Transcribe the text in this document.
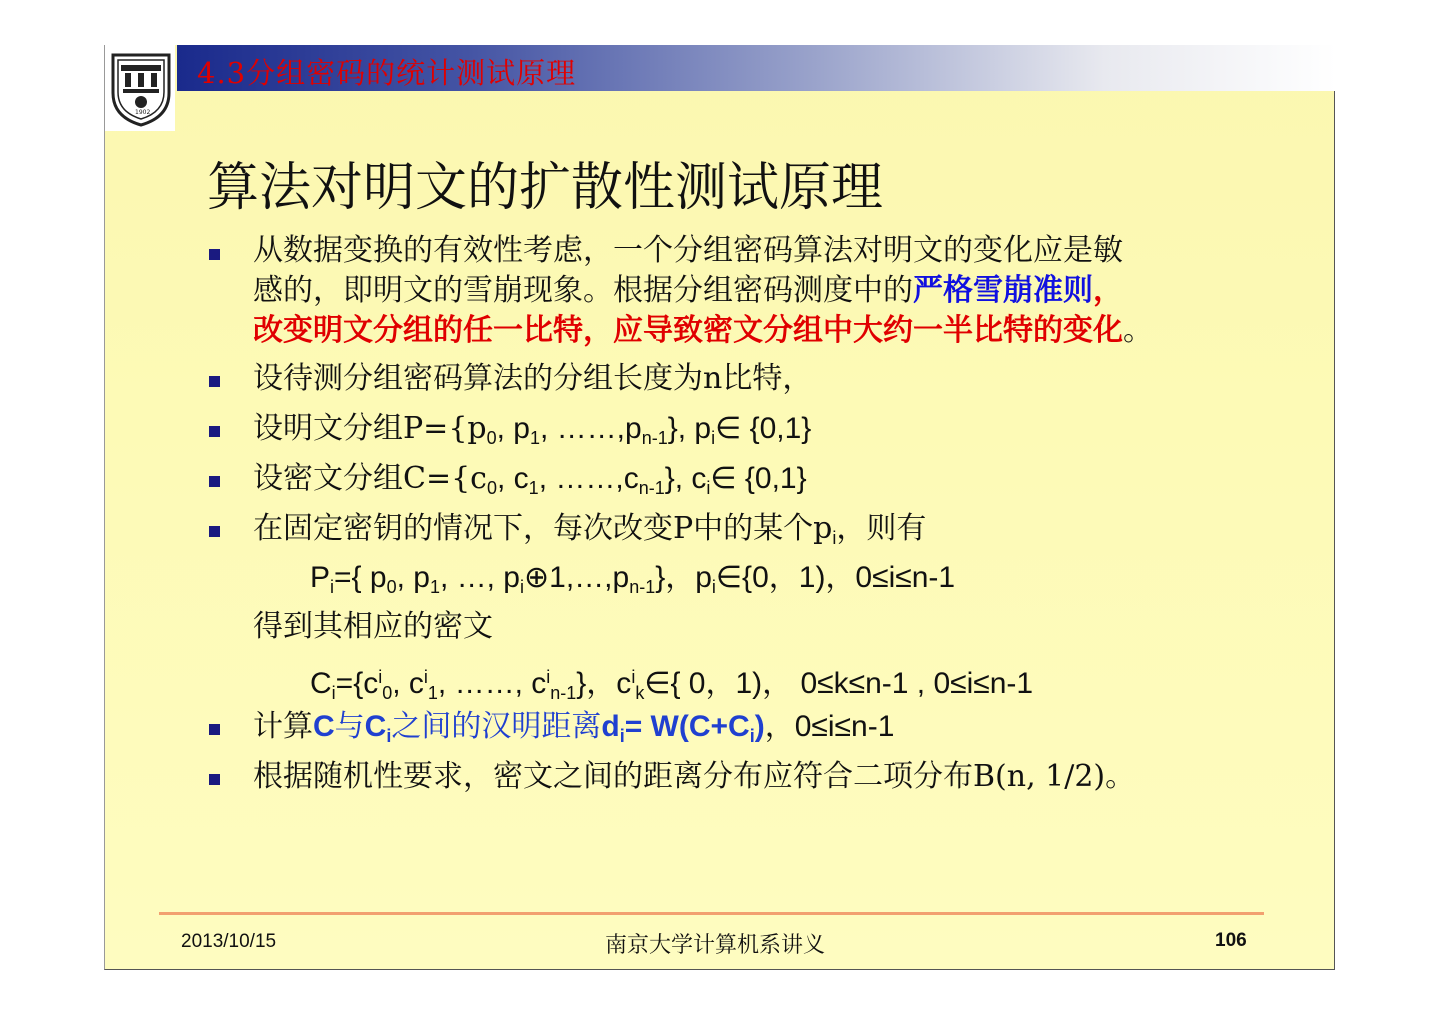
1902
4.3分组密码的统计测试原理
算法对明文的扩散性测试原理
从数据变换的有效性考虑，一个分组密码算法对明文的变化应是敏
感的，即明文的雪崩现象。根据分组密码测度中的严格雪崩准则，
改变明文分组的任一比特，应导致密文分组中大约一半比特的变化。
设待测分组密码算法的分组长度为n比特，
设明文分组$P=\{p_0$, $p_1$, $\dots\dots,p_{n-1}$}, $p_i\in$ {0,1}
设密文分组$C=\{c_0$, $c_1$, $\dots\dots,c_{n-1}$}, $c_i\in$ {0,1}
在固定密钥的情况下，每次改变P中的某个$p_i$，则有
$P_i=${ $p_0$, $p_1$, …, $p_i\oplus 1,\dots,p_{n-1}$}，$p_i\in\{0$，1)，0≤i≤n-1
得到其相应的密文
$C_i=\{c^i_0$, $c^i_1$, ……, $c^i_{n-1}$}，$c^i_k\in${ 0，1)， 0≤k≤n-1 , 0≤i≤n-1
计算C与$C_i$之间的汉明距离$d_i= W(C+C_i)$，0≤i≤n-1
根据随机性要求，密文之间的距离分布应符合二项分布B(n, 1/2)。
2013/10/15	南京大学计算机系讲义	106
